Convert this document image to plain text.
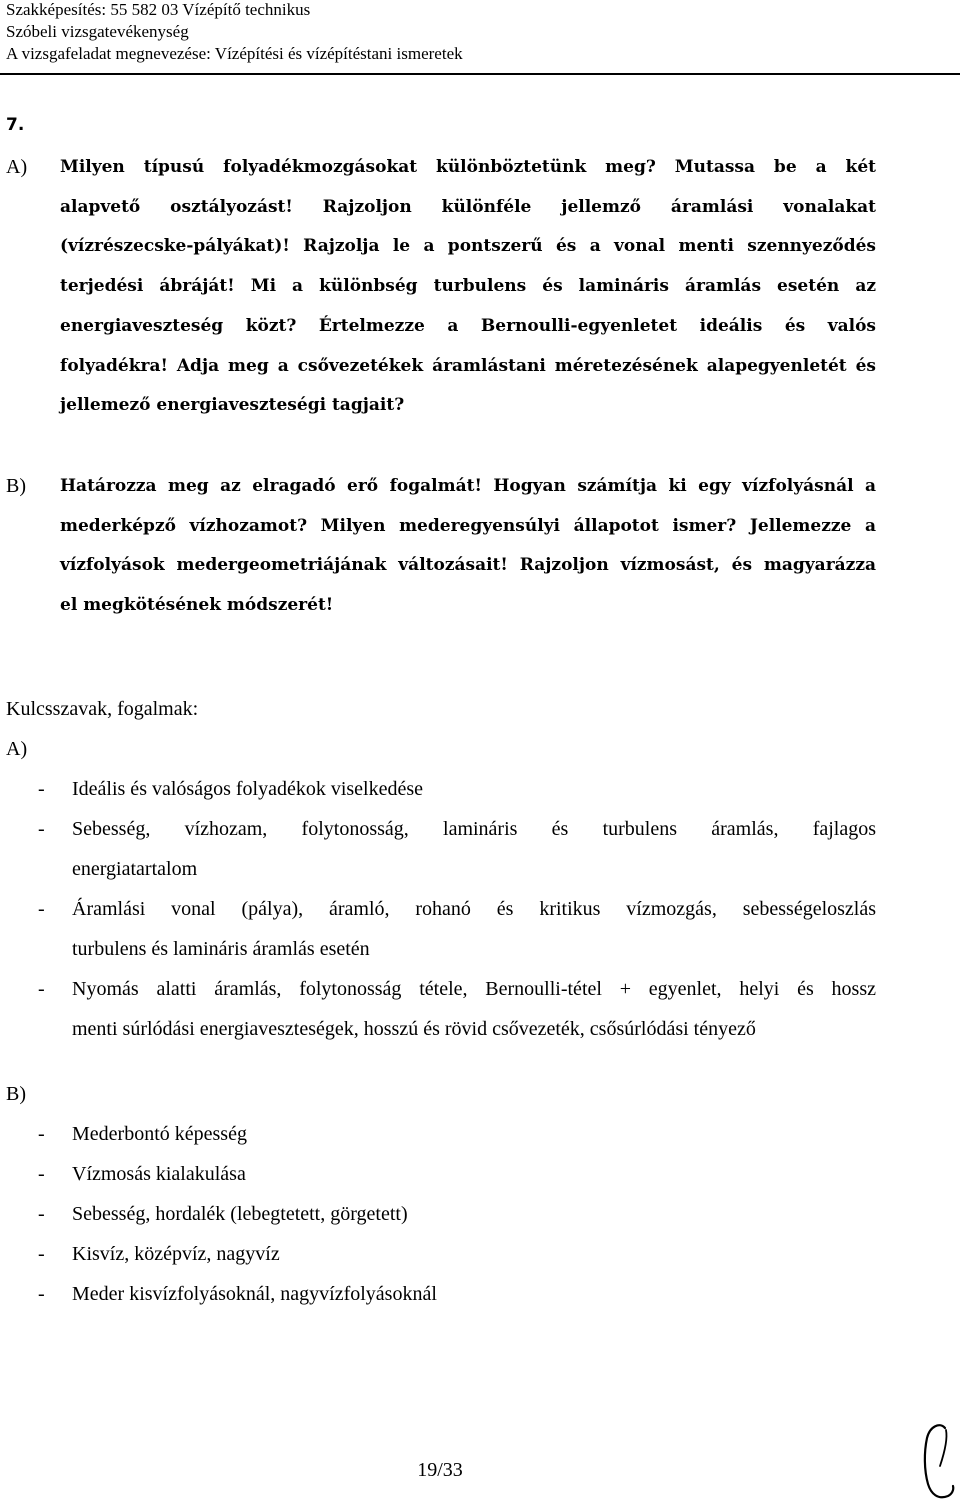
Szakképesítés: 55 582 03 Vízépítő technikus
Szóbeli vizsgatevékenység
A vizsgafeladat megnevezése: Vízépítési és vízépítéstani ismeretek
7.
A) Milyen típusú folyadékmozgásokat különböztetünk meg? Mutassa be a két
alapvető osztályozást! Rajzoljon különféle jellemző áramlási vonalakat
(vízrészecske-pályákat)! Rajzolja le a pontszerű és a vonal menti szennyeződés
terjedési ábráját! Mi a különbség turbulens és lamináris áramlás esetén az
energiaveszteség közt? Értelmezze a Bernoulli-egyenletet ideális és valós
folyadékra! Adja meg a csővezetékek áramlástani méretezésének alapegyenletét és
jellemező energiaveszteségi tagjait?
B) Határozza meg az elragadó erő fogalmát! Hogyan számítja ki egy vízfolyásnál a
mederképző vízhozamot? Milyen mederegyensúlyi állapotot ismer? Jellemezze a
vízfolyások medergeometriájának változásait! Rajzoljon vízmosást, és magyarázza
el megkötésének módszerét!
Kulcsszavak, fogalmak:
A)
- Ideális és valóságos folyadékok viselkedése
- Sebesség, vízhozam, folytonosság, lamináris és turbulens áramlás, fajlagos
energiatartalom
- Áramlási vonal (pálya), áramló, rohanó és kritikus vízmozgás, sebességeloszlás
turbulens és lamináris áramlás esetén
- Nyomás alatti áramlás, folytonosság tétele, Bernoulli-tétel + egyenlet, helyi és hossz
menti súrlódási energiaveszteségek, hosszú és rövid csővezeték, csősúrlódási tényező
B)
- Mederbontó képesség
- Vízmosás kialakulása
- Sebesség, hordalék (lebegtetett, görgetett)
- Kisvíz, középvíz, nagyvíz
- Meder kisvízfolyásoknál, nagyvízfolyásoknál
19/33
